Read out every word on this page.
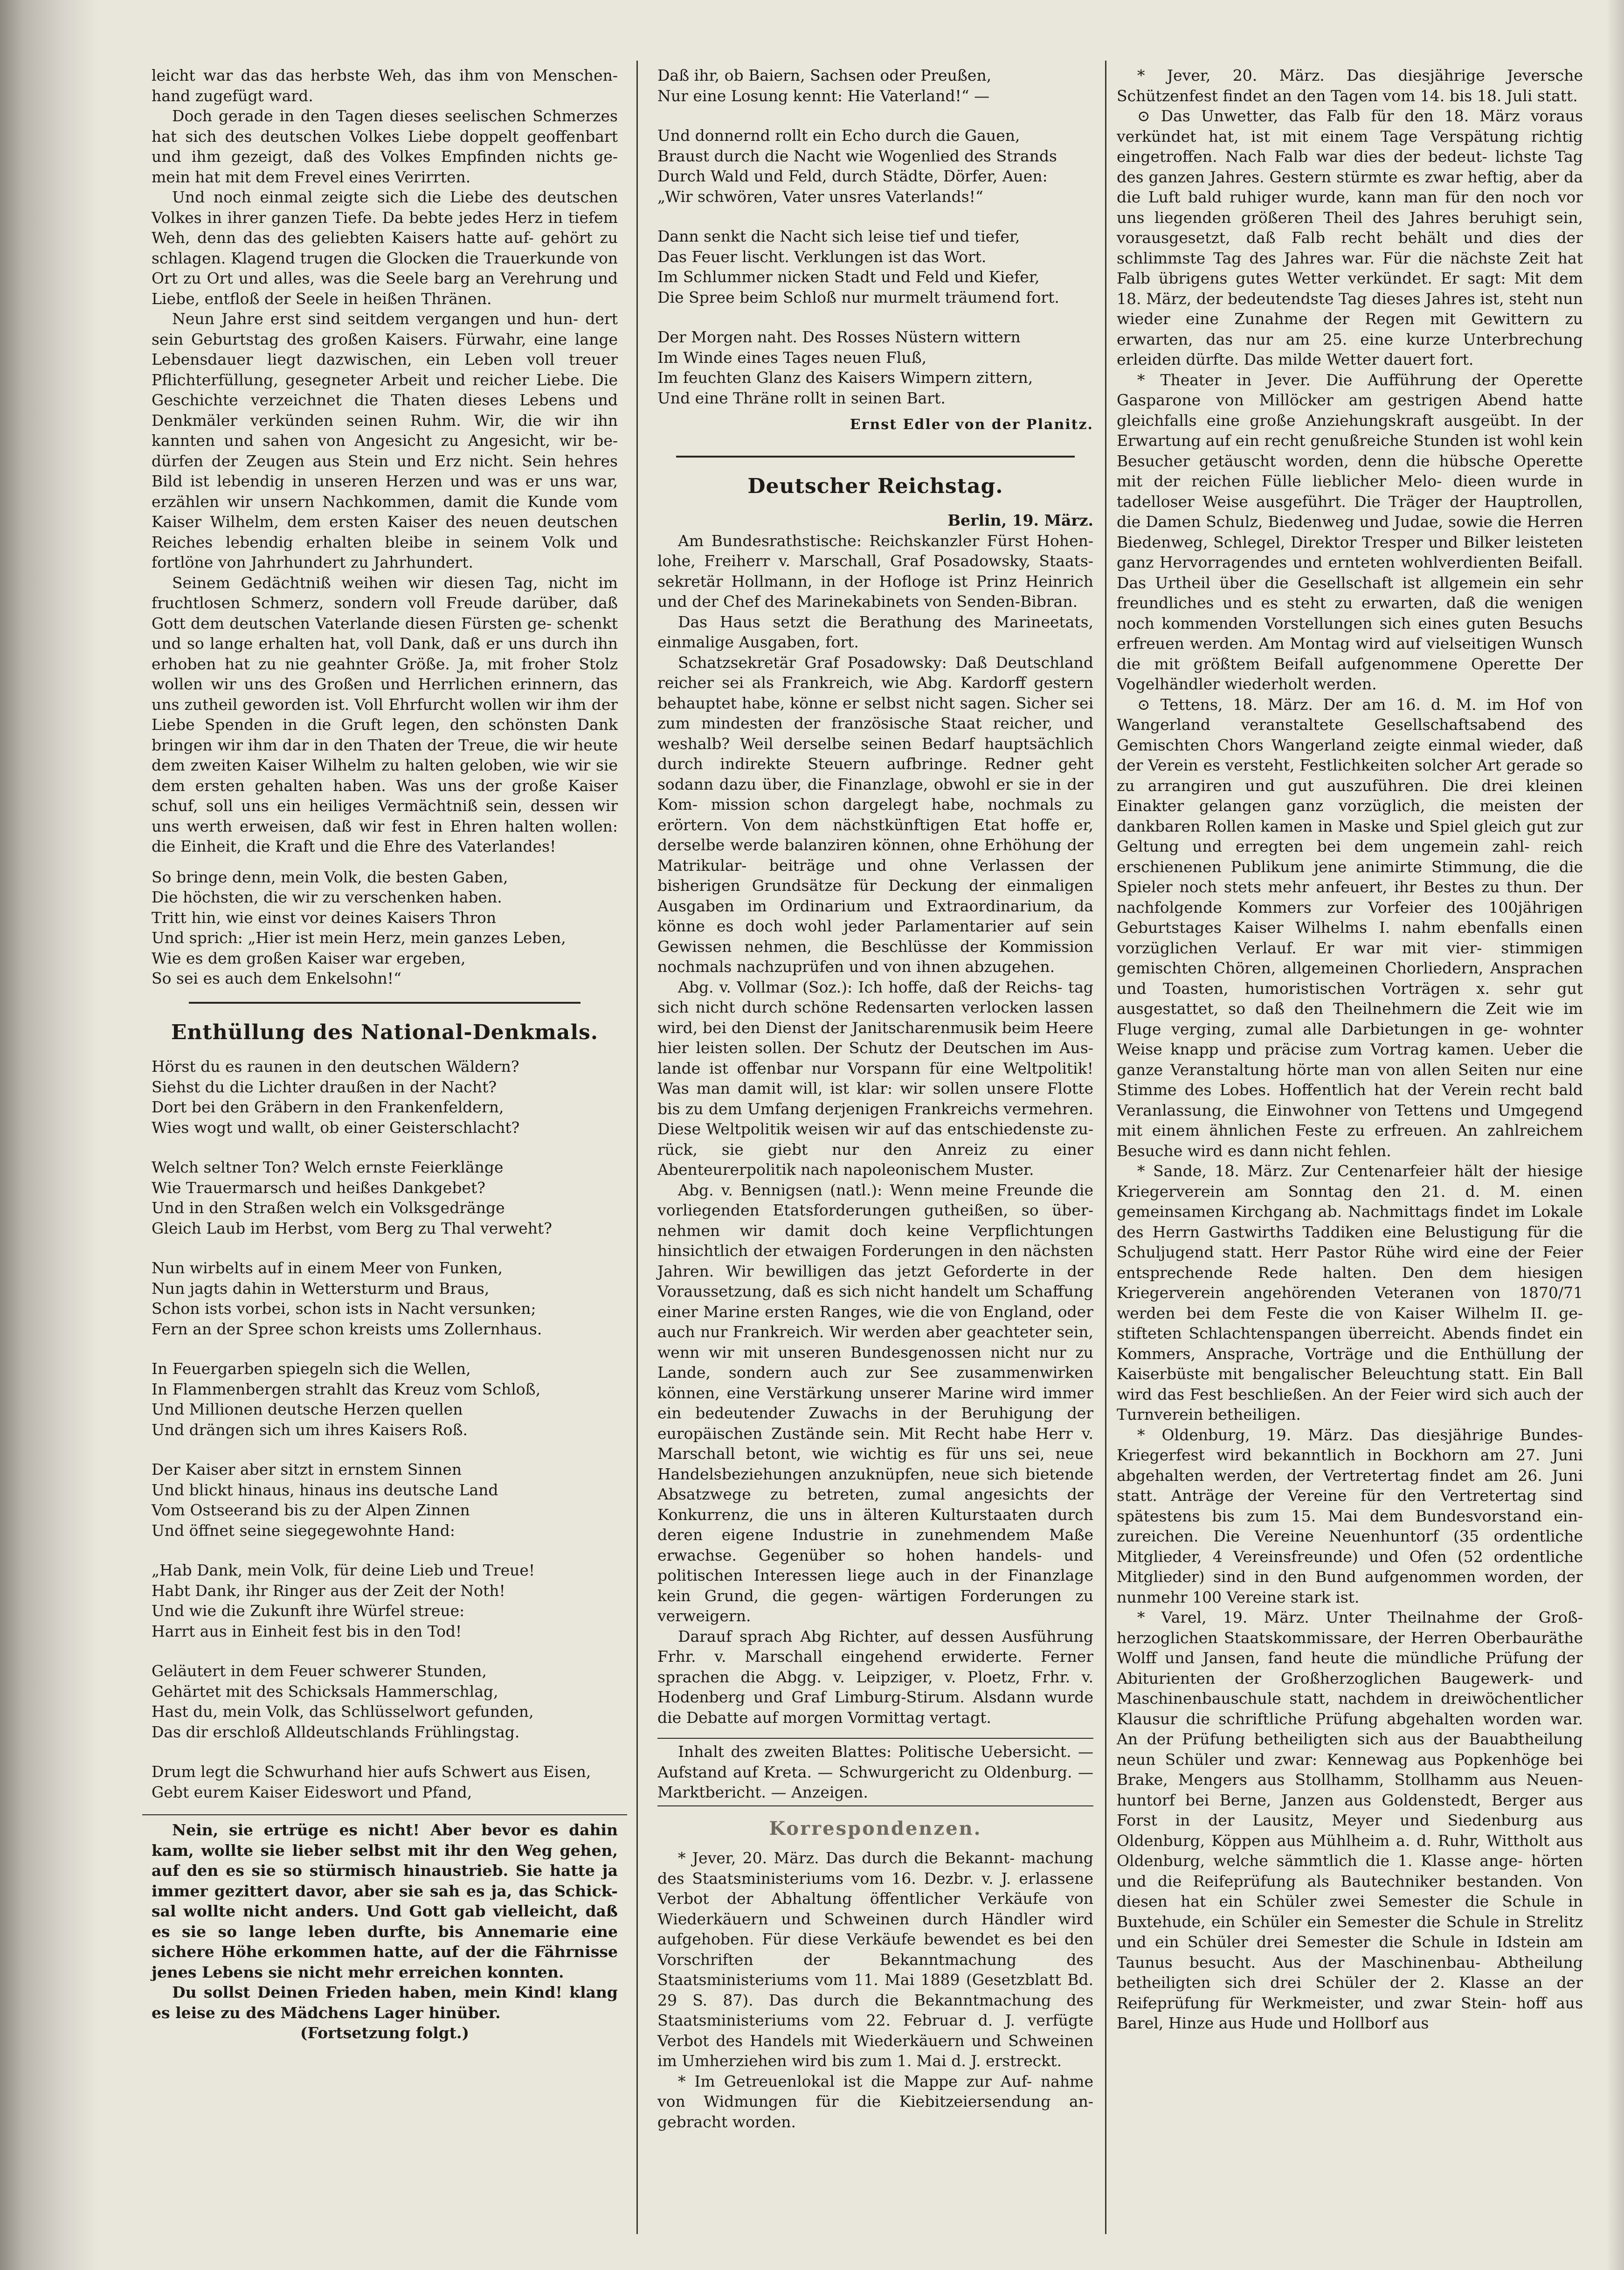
leicht war das das herbste Weh, das ihm von Menschen- hand zugefügt ward.

Doch gerade in den Tagen dieses seelischen Schmerzes hat sich des deutschen Volkes Liebe doppelt geoffenbart und ihm gezeigt, daß des Volkes Empfinden nichts ge- mein hat mit dem Frevel eines Verirrten.

Und noch einmal zeigte sich die Liebe des deutschen Volkes in ihrer ganzen Tiefe. Da bebte jedes Herz in tiefem Weh, denn das des geliebten Kaisers hatte auf- gehört zu schlagen. Klagend trugen die Glocken die Trauerkunde von Ort zu Ort und alles, was die Seele barg an Verehrung und Liebe, entfloß der Seele in heißen Thränen.

Neun Jahre erst sind seitdem vergangen und hun- dert sein Geburtstag des großen Kaisers. Fürwahr, eine lange Lebensdauer liegt dazwischen, ein Leben voll treuer Pflichterfüllung, gesegneter Arbeit und reicher Liebe. Die Geschichte verzeichnet die Thaten dieses Lebens und Denkmäler verkünden seinen Ruhm. Wir, die wir ihn kannten und sahen von Angesicht zu Angesicht, wir be- dürfen der Zeugen aus Stein und Erz nicht. Sein hehres Bild ist lebendig in unseren Herzen und was er uns war, erzählen wir unsern Nachkommen, damit die Kunde vom Kaiser Wilhelm, dem ersten Kaiser des neuen deutschen Reiches lebendig erhalten bleibe in seinem Volk und fortlöne von Jahrhundert zu Jahrhundert.

Seinem Gedächtniß weihen wir diesen Tag, nicht im fruchtlosen Schmerz, sondern voll Freude darüber, daß Gott dem deutschen Vaterlande diesen Fürsten ge- schenkt und so lange erhalten hat, voll Dank, daß er uns durch ihn erhoben hat zu nie geahnter Größe. Ja, mit froher Stolz wollen wir uns des Großen und Herrlichen erinnern, das uns zutheil geworden ist. Voll Ehrfurcht wollen wir ihm der Liebe Spenden in die Gruft legen, den schönsten Dank bringen wir ihm dar in den Thaten der Treue, die wir heute dem zweiten Kaiser Wilhelm zu halten geloben, wie wir sie dem ersten gehalten haben. Was uns der große Kaiser schuf, soll uns ein heiliges Vermächtniß sein, dessen wir uns werth erweisen, daß wir fest in Ehren halten wollen: die Einheit, die Kraft und die Ehre des Vaterlandes!

So bringe denn, mein Volk, die besten Gaben,
Die höchsten, die wir zu verschenken haben.
Tritt hin, wie einst vor deines Kaisers Thron
Und sprich: „Hier ist mein Herz, mein ganzes Leben,
Wie es dem großen Kaiser war ergeben,
So sei es auch dem Enkelsohn!“

Enthüllung des National-Denkmals.

Hörst du es raunen in den deutschen Wäldern?
Siehst du die Lichter draußen in der Nacht?
Dort bei den Gräbern in den Frankenfeldern,
Wies wogt und wallt, ob einer Geisterschlacht?

Welch seltner Ton? Welch ernste Feierklänge
Wie Trauermarsch und heißes Dankgebet?
Und in den Straßen welch ein Volksgedränge
Gleich Laub im Herbst, vom Berg zu Thal verweht?

Nun wirbelts auf in einem Meer von Funken,
Nun jagts dahin in Wettersturm und Braus,
Schon ists vorbei, schon ists in Nacht versunken;
Fern an der Spree schon kreists ums Zollernhaus.

In Feuergarben spiegeln sich die Wellen,
In Flammenbergen strahlt das Kreuz vom Schloß,
Und Millionen deutsche Herzen quellen
Und drängen sich um ihres Kaisers Roß.

Der Kaiser aber sitzt in ernstem Sinnen
Und blickt hinaus, hinaus ins deutsche Land
Vom Ostseerand bis zu der Alpen Zinnen
Und öffnet seine siegegewohnte Hand:

„Hab Dank, mein Volk, für deine Lieb und Treue!
Habt Dank, ihr Ringer aus der Zeit der Noth!
Und wie die Zukunft ihre Würfel streue:
Harrt aus in Einheit fest bis in den Tod!

Geläutert in dem Feuer schwerer Stunden,
Gehärtet mit des Schicksals Hammerschlag,
Hast du, mein Volk, das Schlüsselwort gefunden,
Das dir erschloß Alldeutschlands Frühlingstag.

Drum legt die Schwurhand hier aufs Schwert aus Eisen,
Gebt eurem Kaiser Eideswort und Pfand,

Nein, sie ertrüge es nicht! Aber bevor es dahin kam, wollte sie lieber selbst mit ihr den Weg gehen, auf den es sie so stürmisch hinaustrieb. Sie hatte ja immer gezittert davor, aber sie sah es ja, das Schick- sal wollte nicht anders. Und Gott gab vielleicht, daß es sie so lange leben durfte, bis Annemarie eine sichere Höhe erkommen hatte, auf der die Fährnisse jenes Lebens sie nicht mehr erreichen konnten.

Du sollst Deinen Frieden haben, mein Kind! klang es leise zu des Mädchens Lager hinüber.

(Fortsetzung folgt.)

Daß ihr, ob Baiern, Sachsen oder Preußen,
Nur eine Losung kennt: Hie Vaterland!“ —

Und donnernd rollt ein Echo durch die Gauen,
Braust durch die Nacht wie Wogenlied des Strands
Durch Wald und Feld, durch Städte, Dörfer, Auen:
„Wir schwören, Vater unsres Vaterlands!“

Dann senkt die Nacht sich leise tief und tiefer,
Das Feuer lischt. Verklungen ist das Wort.
Im Schlummer nicken Stadt und Feld und Kiefer,
Die Spree beim Schloß nur murmelt träumend fort.

Der Morgen naht. Des Rosses Nüstern wittern
Im Winde eines Tages neuen Fluß,
Im feuchten Glanz des Kaisers Wimpern zittern,
Und eine Thräne rollt in seinen Bart.

Ernst Edler von der Planitz.
Deutscher Reichstag.

Berlin, 19. März.

Am Bundesrathstische: Reichskanzler Fürst Hohen- lohe, Freiherr v. Marschall, Graf Posadowsky, Staats- sekretär Hollmann, in der Hofloge ist Prinz Heinrich und der Chef des Marinekabinets von Senden-Bibran.

Das Haus setzt die Berathung des Marineetats, einmalige Ausgaben, fort.

Schatzsekretär Graf Posadowsky: Daß Deutschland reicher sei als Frankreich, wie Abg. Kardorff gestern behauptet habe, könne er selbst nicht sagen. Sicher sei zum mindesten der französische Staat reicher, und weshalb? Weil derselbe seinen Bedarf hauptsächlich durch indirekte Steuern aufbringe. Redner geht sodann dazu über, die Finanzlage, obwohl er sie in der Kom- mission schon dargelegt habe, nochmals zu erörtern. Von dem nächstkünftigen Etat hoffe er, derselbe werde balanziren können, ohne Erhöhung der Matrikular- beiträge und ohne Verlassen der bisherigen Grundsätze für Deckung der einmaligen Ausgaben im Ordinarium und Extraordinarium, da könne es doch wohl jeder Parlamentarier auf sein Gewissen nehmen, die Beschlüsse der Kommission nochmals nachzuprüfen und von ihnen abzugehen.

Abg. v. Vollmar (Soz.): Ich hoffe, daß der Reichs- tag sich nicht durch schöne Redensarten verlocken lassen wird, bei den Dienst der Janitscharenmusik beim Heere hier leisten sollen. Der Schutz der Deutschen im Aus- lande ist offenbar nur Vorspann für eine Weltpolitik! Was man damit will, ist klar: wir sollen unsere Flotte bis zu dem Umfang derjenigen Frankreichs vermehren. Diese Weltpolitik weisen wir auf das entschiedenste zu- rück, sie giebt nur den Anreiz zu einer Abenteurerpolitik nach napoleonischem Muster.

Abg. v. Bennigsen (natl.): Wenn meine Freunde die vorliegenden Etatsforderungen gutheißen, so über- nehmen wir damit doch keine Verpflichtungen hinsichtlich der etwaigen Forderungen in den nächsten Jahren. Wir bewilligen das jetzt Geforderte in der Voraussetzung, daß es sich nicht handelt um Schaffung einer Marine ersten Ranges, wie die von England, oder auch nur Frankreich. Wir werden aber geachteter sein, wenn wir mit unseren Bundesgenossen nicht nur zu Lande, sondern auch zur See zusammenwirken können, eine Verstärkung unserer Marine wird immer ein bedeutender Zuwachs in der Beruhigung der europäischen Zustände sein. Mit Recht habe Herr v. Marschall betont, wie wichtig es für uns sei, neue Handelsbeziehungen anzuknüpfen, neue sich bietende Absatzwege zu betreten, zumal angesichts der Konkurrenz, die uns in älteren Kulturstaaten durch deren eigene Industrie in zunehmendem Maße erwachse. Gegenüber so hohen handels- und politischen Interessen liege auch in der Finanzlage kein Grund, die gegen- wärtigen Forderungen zu verweigern.

Darauf sprach Abg Richter, auf dessen Ausführung Frhr. v. Marschall eingehend erwiderte. Ferner sprachen die Abgg. v. Leipziger, v. Ploetz, Frhr. v. Hodenberg und Graf Limburg-Stirum. Alsdann wurde die Debatte auf morgen Vormittag vertagt.

Inhalt des zweiten Blattes: Politische Uebersicht. — Aufstand auf Kreta. — Schwurgericht zu Oldenburg. — Marktbericht. — Anzeigen.

Korrespondenzen.

* Jever, 20. März. Das durch die Bekannt- machung des Staatsministeriums vom 16. Dezbr. v. J. erlassene Verbot der Abhaltung öffentlicher Verkäufe von Wiederkäuern und Schweinen durch Händler wird aufgehoben. Für diese Verkäufe bewendet es bei den Vorschriften der Bekanntmachung des Staatsministeriums vom 11. Mai 1889 (Gesetzblatt Bd. 29 S. 87). Das durch die Bekanntmachung des Staatsministeriums vom 22. Februar d. J. verfügte Verbot des Handels mit Wiederkäuern und Schweinen im Umherziehen wird bis zum 1. Mai d. J. erstreckt.

* Im Getreuenlokal ist die Mappe zur Auf- nahme von Widmungen für die Kiebitzeiersendung an- gebracht worden.

* Jever, 20. März. Das diesjährige Jeversche Schützenfest findet an den Tagen vom 14. bis 18. Juli statt.

⊙ Das Unwetter, das Falb für den 18. März voraus verkündet hat, ist mit einem Tage Verspätung richtig eingetroffen. Nach Falb war dies der bedeut- lichste Tag des ganzen Jahres. Gestern stürmte es zwar heftig, aber da die Luft bald ruhiger wurde, kann man für den noch vor uns liegenden größeren Theil des Jahres beruhigt sein, vorausgesetzt, daß Falb recht behält und dies der schlimmste Tag des Jahres war. Für die nächste Zeit hat Falb übrigens gutes Wetter verkündet. Er sagt: Mit dem 18. März, der bedeutendste Tag dieses Jahres ist, steht nun wieder eine Zunahme der Regen mit Gewittern zu erwarten, das nur am 25. eine kurze Unterbrechung erleiden dürfte. Das milde Wetter dauert fort.

* Theater in Jever. Die Aufführung der Operette Gasparone von Millöcker am gestrigen Abend hatte gleichfalls eine große Anziehungskraft ausgeübt. In der Erwartung auf ein recht genußreiche Stunden ist wohl kein Besucher getäuscht worden, denn die hübsche Operette mit der reichen Fülle lieblicher Melo- dieen wurde in tadelloser Weise ausgeführt. Die Träger der Hauptrollen, die Damen Schulz, Biedenweg und Judae, sowie die Herren Biedenweg, Schlegel, Direktor Tresper und Bilker leisteten ganz Hervorragendes und ernteten wohlverdienten Beifall. Das Urtheil über die Gesellschaft ist allgemein ein sehr freundliches und es steht zu erwarten, daß die wenigen noch kommenden Vorstellungen sich eines guten Besuchs erfreuen werden. Am Montag wird auf vielseitigen Wunsch die mit größtem Beifall aufgenommene Operette Der Vogelhändler wiederholt werden.

⊙ Tettens, 18. März. Der am 16. d. M. im Hof von Wangerland veranstaltete Gesellschaftsabend des Gemischten Chors Wangerland zeigte einmal wieder, daß der Verein es versteht, Festlichkeiten solcher Art gerade so zu arrangiren und gut auszuführen. Die drei kleinen Einakter gelangen ganz vorzüglich, die meisten der dankbaren Rollen kamen in Maske und Spiel gleich gut zur Geltung und erregten bei dem ungemein zahl- reich erschienenen Publikum jene animirte Stimmung, die die Spieler noch stets mehr anfeuert, ihr Bestes zu thun. Der nachfolgende Kommers zur Vorfeier des 100jährigen Geburtstages Kaiser Wilhelms I. nahm ebenfalls einen vorzüglichen Verlauf. Er war mit vier- stimmigen gemischten Chören, allgemeinen Chorliedern, Ansprachen und Toasten, humoristischen Vorträgen x. sehr gut ausgestattet, so daß den Theilnehmern die Zeit wie im Fluge verging, zumal alle Darbietungen in ge- wohnter Weise knapp und präcise zum Vortrag kamen. Ueber die ganze Veranstaltung hörte man von allen Seiten nur eine Stimme des Lobes. Hoffentlich hat der Verein recht bald Veranlassung, die Einwohner von Tettens und Umgegend mit einem ähnlichen Feste zu erfreuen. An zahlreichem Besuche wird es dann nicht fehlen.

* Sande, 18. März. Zur Centenarfeier hält der hiesige Kriegerverein am Sonntag den 21. d. M. einen gemeinsamen Kirchgang ab. Nachmittags findet im Lokale des Herrn Gastwirths Taddiken eine Belustigung für die Schuljugend statt. Herr Pastor Rühe wird eine der Feier entsprechende Rede halten. Den dem hiesigen Kriegerverein angehörenden Veteranen von 1870/71 werden bei dem Feste die von Kaiser Wilhelm II. ge- stifteten Schlachtenspangen überreicht. Abends findet ein Kommers, Ansprache, Vorträge und die Enthüllung der Kaiserbüste mit bengalischer Beleuchtung statt. Ein Ball wird das Fest beschließen. An der Feier wird sich auch der Turnverein betheiligen.

* Oldenburg, 19. März. Das diesjährige Bundes- Kriegerfest wird bekanntlich in Bockhorn am 27. Juni abgehalten werden, der Vertretertag findet am 26. Juni statt. Anträge der Vereine für den Vertretertag sind spätestens bis zum 15. Mai dem Bundesvorstand ein- zureichen. Die Vereine Neuenhuntorf (35 ordentliche Mitglieder, 4 Vereinsfreunde) und Ofen (52 ordentliche Mitglieder) sind in den Bund aufgenommen worden, der nunmehr 100 Vereine stark ist.

* Varel, 19. März. Unter Theilnahme der Groß- herzoglichen Staatskommissare, der Herren Oberbauräthe Wolff und Jansen, fand heute die mündliche Prüfung der Abiturienten der Großherzoglichen Baugewerk- und Maschinenbauschule statt, nachdem in dreiwöchentlicher Klausur die schriftliche Prüfung abgehalten worden war. An der Prüfung betheiligten sich aus der Bauabtheilung neun Schüler und zwar: Kennewag aus Popkenhöge bei Brake, Mengers aus Stollhamm, Stollhamm aus Neuen- huntorf bei Berne, Janzen aus Goldenstedt, Berger aus Forst in der Lausitz, Meyer und Siedenburg aus Oldenburg, Köppen aus Mühlheim a. d. Ruhr, Wittholt aus Oldenburg, welche sämmtlich die 1. Klasse ange- hörten und die Reifeprüfung als Bautechniker bestanden. Von diesen hat ein Schüler zwei Semester die Schule in Buxtehude, ein Schüler ein Semester die Schule in Strelitz und ein Schüler drei Semester die Schule in Idstein am Taunus besucht. Aus der Maschinenbau- Abtheilung betheiligten sich drei Schüler der 2. Klasse an der Reifeprüfung für Werkmeister, und zwar Stein- hoff aus Barel, Hinze aus Hude und Hollborf aus
